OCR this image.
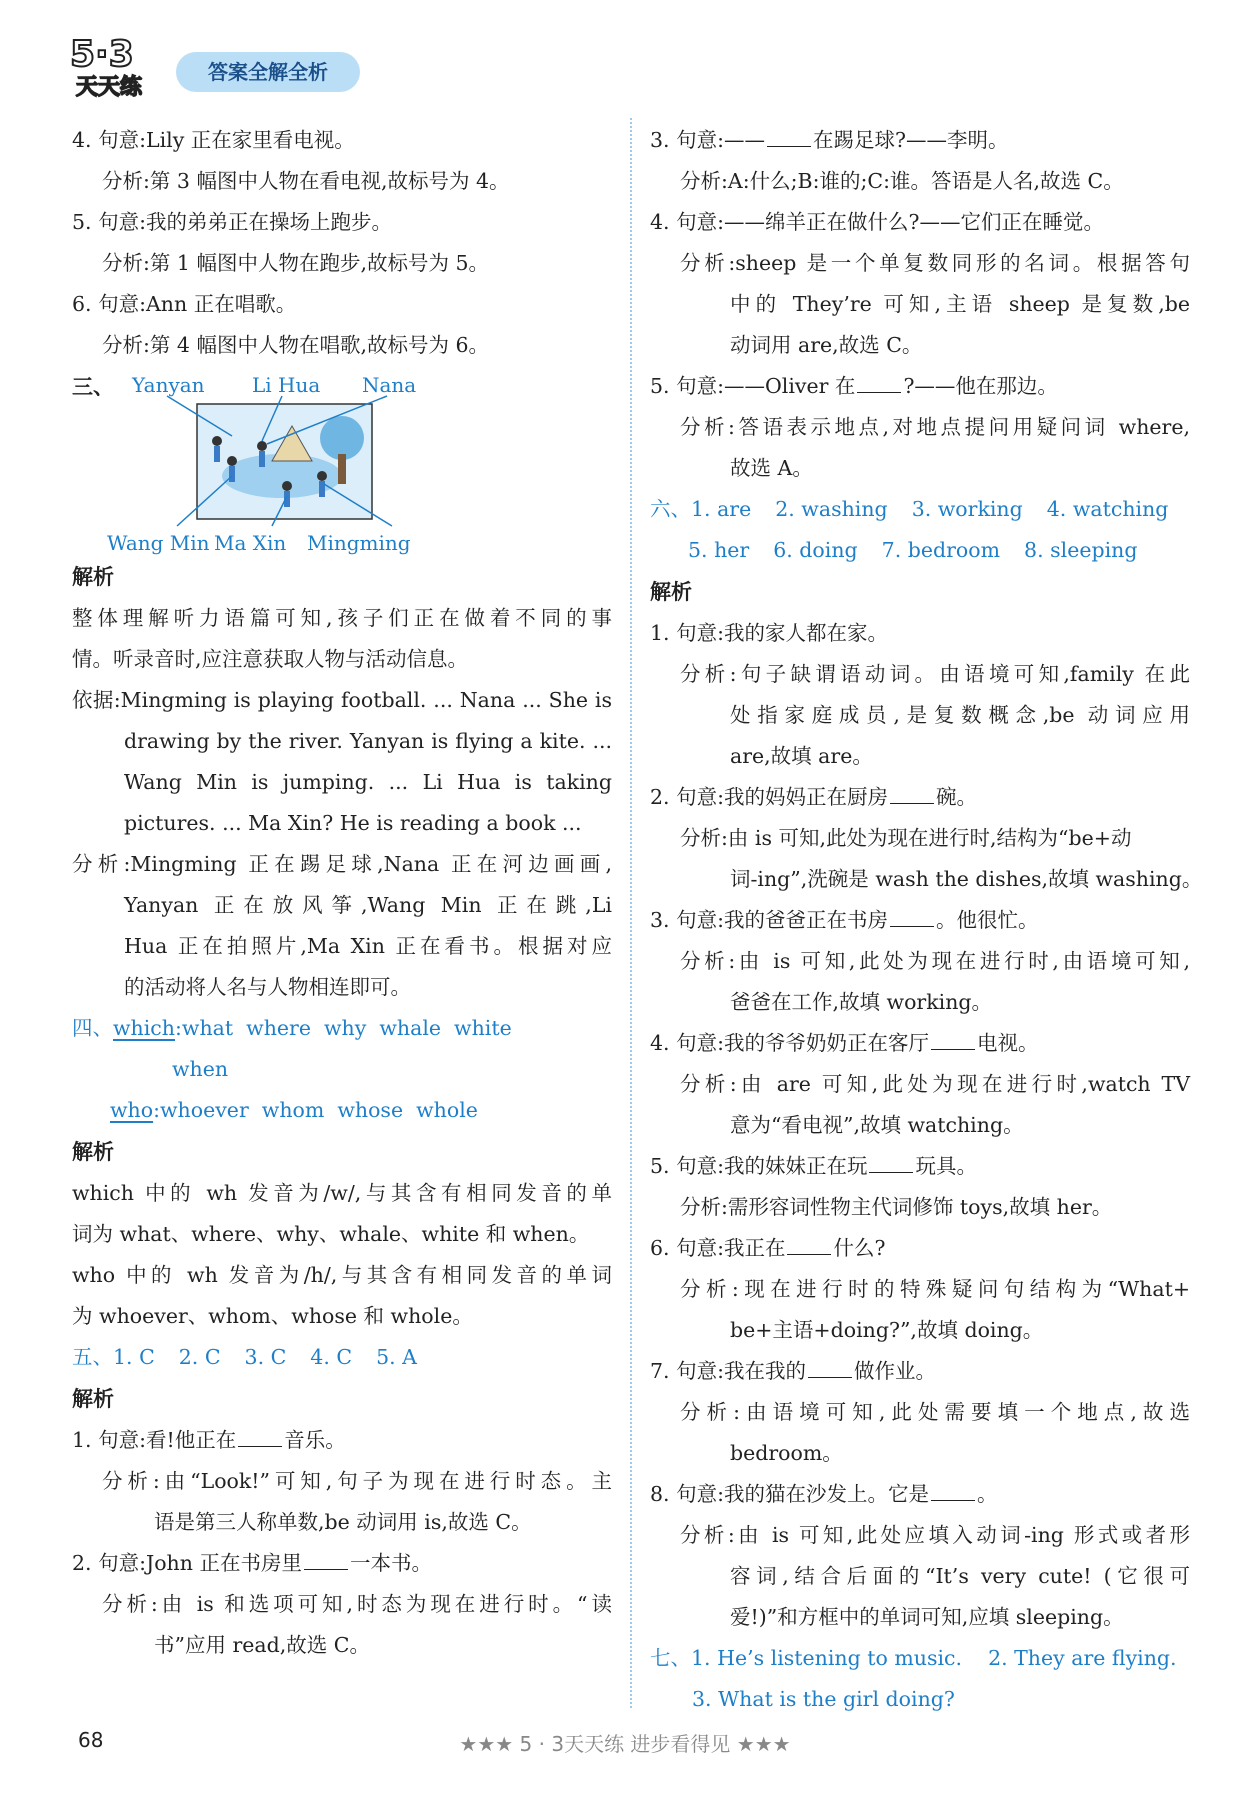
5·3
天天练
答案全解全析
4. 句意:Lily 正在家里看电视。
分析:第 3 幅图中人物在看电视,故标号为 4。
5. 句意:我的弟弟正在操场上跑步。
分析:第 1 幅图中人物在跑步,故标号为 5。
6. 句意:Ann 正在唱歌。
分析:第 4 幅图中人物在唱歌,故标号为 6。
三、 Yanyan Li Hua Nana
Wang Min Ma Xin Mingming
解析
整体理解听力语篇可知,孩子们正在做着不同的事
情。听录音时,应注意获取人物与活动信息。
依据:Mingming is playing football. ... Nana ... She is
drawing by the river. Yanyan is flying a kite. ...
Wang Min is jumping. ... Li Hua is taking
pictures. ... Ma Xin? He is reading a book ...
分析:Mingming 正在踢足球,Nana 正在河边画画,
Yanyan 正在放风筝,Wang Min 正在跳,Li
Hua 正在拍照片,Ma Xin 正在看书。根据对应
的活动将人名与人物相连即可。
四、which:what  where  why  whale  white
when
who:whoever  whom  whose  whole
解析
which 中的 wh 发音为/w/,与其含有相同发音的单
词为 what、where、why、whale、white 和 when。
who 中的 wh 发音为/h/,与其含有相同发音的单词
为 whoever、whom、whose 和 whole。
五、1. C 2. C 3. C 4. C 5. A
解析
1. 句意:看!他正在 音乐。
分析:由“Look!”可知,句子为现在进行时态。主
语是第三人称单数,be 动词用 is,故选 C。
2. 句意:John 正在书房里 一本书。
分析:由 is 和选项可知,时态为现在进行时。“读
书”应用 read,故选 C。
3. 句意:—— 在踢足球?——李明。
分析:A:什么;B:谁的;C:谁。答语是人名,故选 C。
4. 句意:——绵羊正在做什么?——它们正在睡觉。
分析:sheep 是一个单复数同形的名词。根据答句
中的 They’re 可知,主语 sheep 是复数,be
动词用 are,故选 C。
5. 句意:——Oliver 在 ?——他在那边。
分析:答语表示地点,对地点提问用疑问词 where,
故选 A。
六、1. are 2. washing 3. working 4. watching
5. her 6. doing 7. bedroom 8. sleeping
解析
1. 句意:我的家人都在家。
分析:句子缺谓语动词。由语境可知,family 在此
处指家庭成员,是复数概念,be 动词应用
are,故填 are。
2. 句意:我的妈妈正在厨房 碗。
分析:由 is 可知,此处为现在进行时,结构为“be+动
词-ing”,洗碗是 wash the dishes,故填 washing。
3. 句意:我的爸爸正在书房 。他很忙。
分析:由 is 可知,此处为现在进行时,由语境可知,
爸爸在工作,故填 working。
4. 句意:我的爷爷奶奶正在客厅 电视。
分析:由 are 可知,此处为现在进行时,watch TV
意为“看电视”,故填 watching。
5. 句意:我的妹妹正在玩 玩具。
分析:需形容词性物主代词修饰 toys,故填 her。
6. 句意:我正在 什么?
分析:现在进行时的特殊疑问句结构为“What+
be+主语+doing?”,故填 doing。
7. 句意:我在我的 做作业。
分析:由语境可知,此处需要填一个地点,故选
bedroom。
8. 句意:我的猫在沙发上。它是 。
分析:由 is 可知,此处应填入动词-ing 形式或者形
容词,结合后面的“It’s very cute! (它很可
爱!)”和方框中的单词可知,应填 sleeping。
七、1. He’s listening to music. 2. They are flying.
3. What is the girl doing?
68	★★★ 5 · 3天天练 进步看得见 ★★★
